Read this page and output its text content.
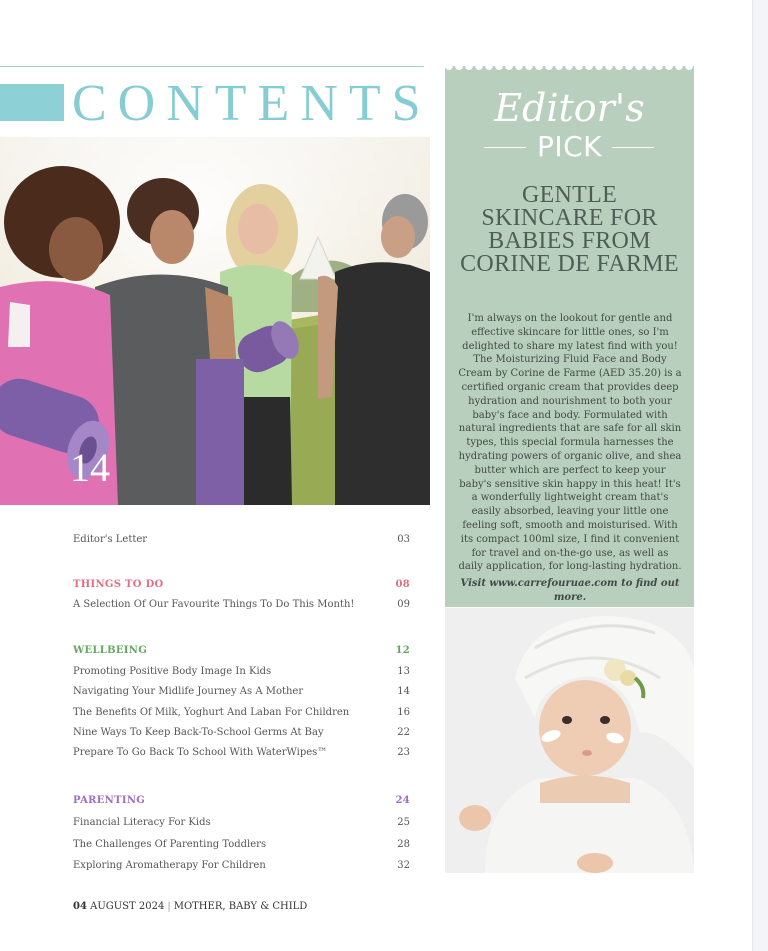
CONTENTS
14
Editor's Letter	03
THINGS TO DO	08
A Selection Of Our Favourite Things To Do This Month!	09
WELLBEING	12
Promoting Positive Body Image In Kids	13
Navigating Your Midlife Journey As A Mother	14
The Benefits Of Milk, Yoghurt And Laban For Children	16
Nine Ways To Keep Back-To-School Germs At Bay	22
Prepare To Go Back To School With WaterWipes™	23
PARENTING	24
Financial Literacy For Kids	25
The Challenges Of Parenting Toddlers	28
Exploring Aromatherapy For Children	32
04 AUGUST 2024 | MOTHER, BABY & CHILD
Editor's
PICK
GENTLE SKINCARE FOR BABIES FROM CORINE DE FARME
I'm always on the lookout for gentle and effective skincare for little ones, so I'm delighted to share my latest find with you! The Moisturizing Fluid Face and Body Cream by Corine de Farme (AED 35.20) is a certified organic cream that provides deep hydration and nourishment to both your baby's face and body. Formulated with natural ingredients that are safe for all skin types, this special formula harnesses the hydrating powers of organic olive, and shea butter which are perfect to keep your baby's sensitive skin happy in this heat! It's a wonderfully lightweight cream that's easily absorbed, leaving your little one feeling soft, smooth and moisturised. With its compact 100ml size, I find it convenient for travel and on-the-go use, as well as daily application, for long-lasting hydration.
Visit www.carrefouruae.com to find out more.
